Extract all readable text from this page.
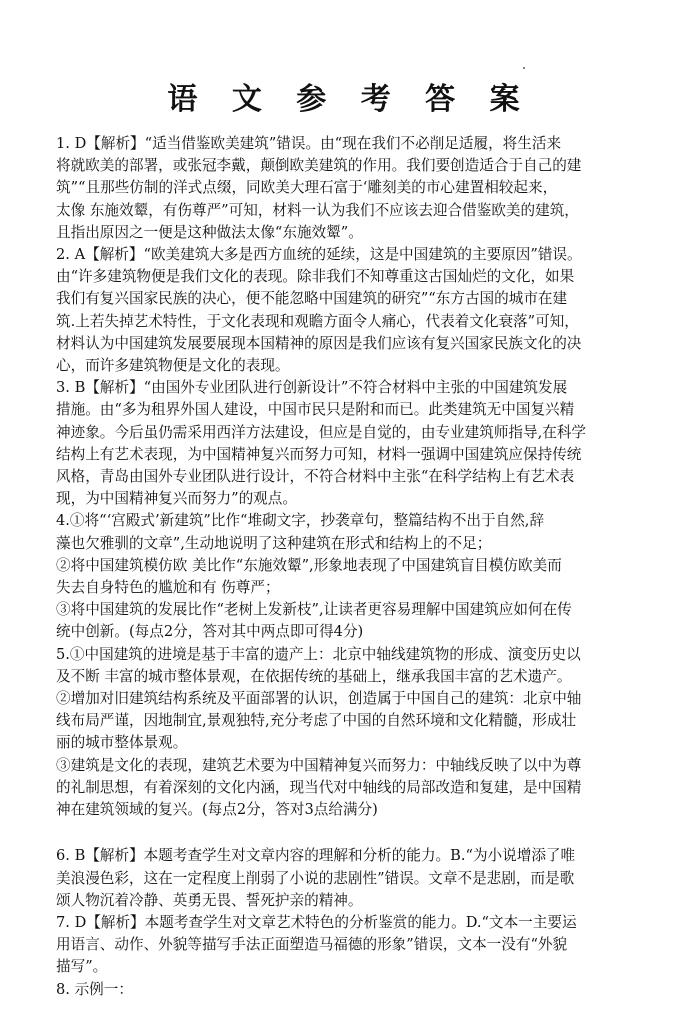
语 文 参 考 答 案
1. D【解析】“适当借鉴欧美建筑”错误。由“现在我们不必削足适履，将生活来
将就欧美的部署，或张冠李戴，颠倒欧美建筑的作用。我们要创造适合于自己的建
筑”“且那些仿制的洋式点缀，同欧美大理石富于‘雕刻美的市心建置相较起来，
太像 东施效颦，有伤尊严”可知，材料一认为我们不应该去迎合借鉴欧美的建筑，
且指出原因之一便是这种做法太像“东施效颦”。
2. A【解析】“欧美建筑大多是西方血统的延续，这是中国建筑的主要原因”错误。
由“许多建筑物便是我们文化的表现。除非我们不知尊重这古国灿烂的文化，如果
我们有复兴国家民族的决心，便不能忽略中国建筑的研究”“东方古国的城市在建
筑.上若失掉艺术特性，于文化表现和观瞻方面令人痛心，代表着文化衰落”可知，
材料认为中国建筑发展要展现本国精神的原因是我们应该有复兴国家民族文化的决
心，而许多建筑物便是文化的表现。
3. B【解析】“由国外专业团队进行创新设计”不符合材料中主张的中国建筑发展
措施。由“多为租界外国人建设，中国市民只是附和而已。此类建筑无中国复兴精
神迹象。今后虽仍需采用西洋方法建设，但应是自觉的，由专业建筑师指导,在科学
结构上有艺术表现，为中国精神复兴而努力可知，材料一强调中国建筑应保持传统
风格，青岛由国外专业团队进行设计，不符合材料中主张“在科学结构上有艺术表
现，为中国精神复兴而努力”的观点。
4.①将“‘宫殿式’新建筑”比作“堆砌文字，抄袭章句，整篇结构不出于自然,辞
藻也欠雅驯的文章”,生动地说明了这种建筑在形式和结构上的不足；
②将中国建筑模仿欧 美比作“东施效颦”,形象地表现了中国建筑盲目模仿欧美而
失去自身特色的尴尬和有 伤尊严；
③将中国建筑的发展比作“老树上发新枝”,让读者更容易理解中国建筑应如何在传
统中创新。(每点2分，答对其中两点即可得4分)
5.①中国建筑的进境是基于丰富的遗产上：北京中轴线建筑物的形成、演变历史以
及不断 丰富的城市整体景观，在依据传统的基础上，继承我国丰富的艺术遗产。
②增加对旧建筑结构系统及平面部署的认识，创造属于中国自己的建筑：北京中轴
线布局严谨，因地制宜,景观独特,充分考虑了中国的自然环境和文化精髓，形成壮
丽的城市整体景观。
③建筑是文化的表现，建筑艺术要为中国精神复兴而努力：中轴线反映了以中为尊
的礼制思想，有着深刻的文化内涵，现当代对中轴线的局部改造和复建，是中国精
神在建筑领域的复兴。(每点2分，答对3点给满分)
6. B【解析】本题考查学生对文章内容的理解和分析的能力。B.“为小说增添了唯
美浪漫色彩，这在一定程度上削弱了小说的悲剧性”错误。文章不是悲剧，而是歌
颂人物沉着冷静、英勇无畏、誓死护亲的精神。
7. D【解析】本题考查学生对文章艺术特色的分析鉴赏的能力。D.“文本一主要运
用语言、动作、外貌等描写手法正面塑造马福德的形象”错误，文本一没有“外貌
描写”。
8. 示例一：
